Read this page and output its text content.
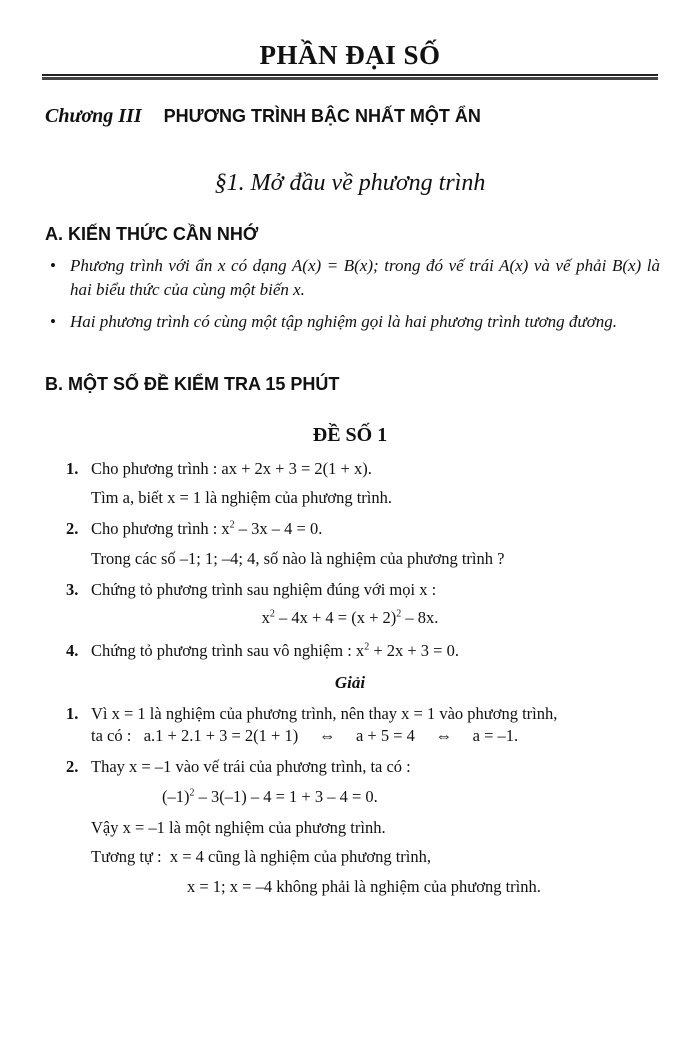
PHẦN ĐẠI SỐ
Chương III PHƯƠNG TRÌNH BẬC NHẤT MỘT ẨN
§1. Mở đầu về phương trình
A. KIẾN THỨC CẦN NHỚ
• Phương trình với ẩn x có dạng A(x) = B(x); trong đó vế trái A(x) và vế phải B(x) là hai biểu thức của cùng một biến x.
• Hai phương trình có cùng một tập nghiệm gọi là hai phương trình tương đương.
B. MỘT SỐ ĐỀ KIỂM TRA 15 PHÚT
ĐỀ SỐ 1
1. Cho phương trình : ax + 2x + 3 = 2(1 + x).
Tìm a, biết x = 1 là nghiệm của phương trình.
2. Cho phương trình : $x^2 - 3x - 4 = 0$.
Trong các số –1; 1; –4; 4, số nào là nghiệm của phương trình ?
3. Chứng tỏ phương trình sau nghiệm đúng với mọi x :
$x^2 - 4x + 4 = (x + 2)^2 - 8x$.
4. Chứng tỏ phương trình sau vô nghiệm : $x^2 + 2x + 3 = 0$.
Giải
1. Vì x = 1 là nghiệm của phương trình, nên thay x = 1 vào phương trình,
ta có :   a.1 + 2.1 + 3 = 2(1 + 1)     ⇔     a + 5 = 4     ⇔     a = –1.
2. Thay x = –1 vào vế trái của phương trình, ta có :
$(-1)^2 - 3(-1) - 4 = 1 + 3 - 4 = 0$.
Vậy x = –1 là một nghiệm của phương trình.
Tương tự :  x = 4 cũng là nghiệm của phương trình,
x = 1; x = –4 không phải là nghiệm của phương trình.
